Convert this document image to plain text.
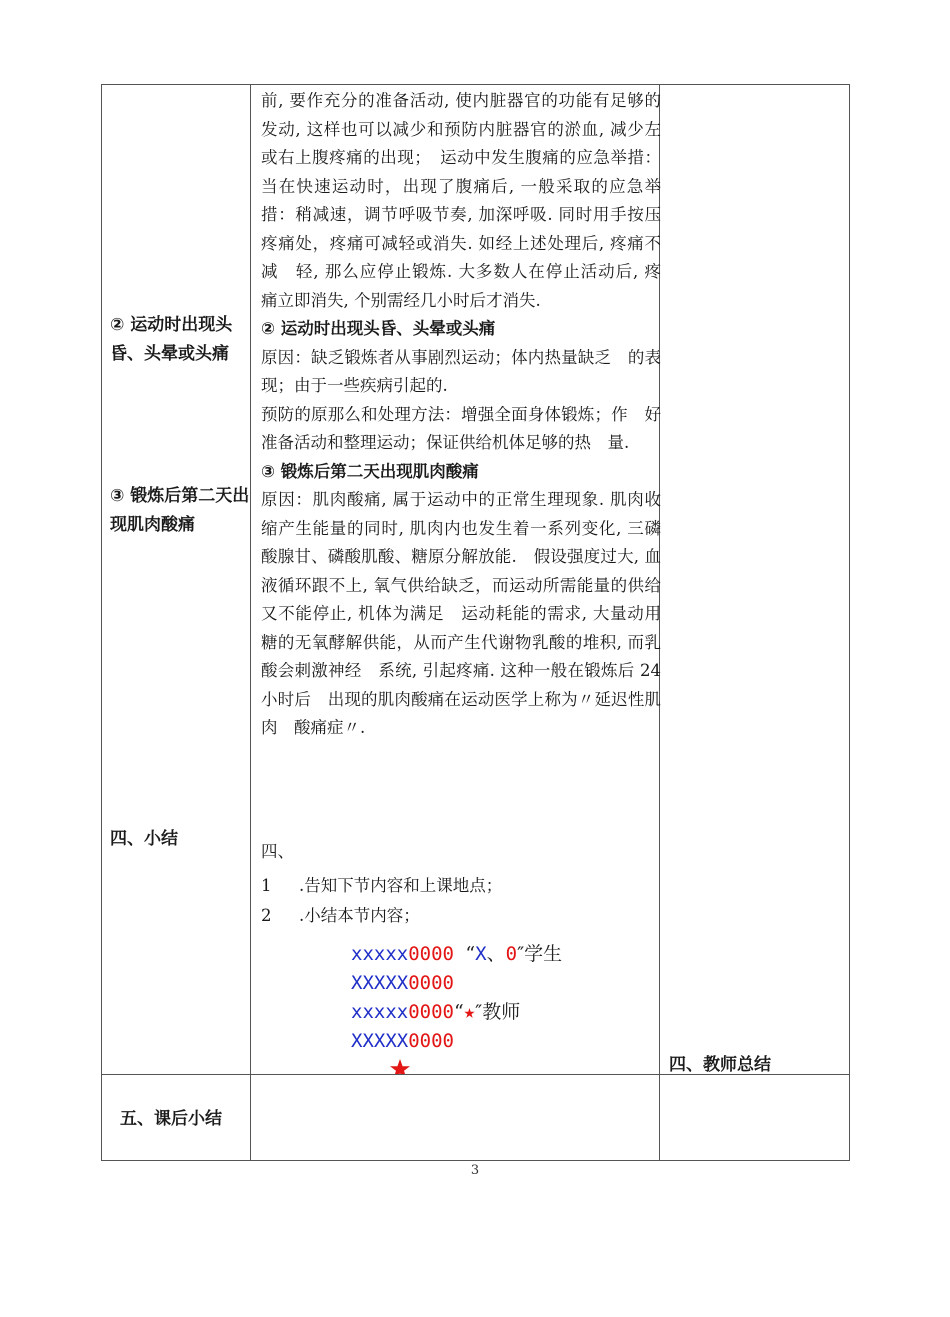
② 运动时出现头昏、头晕或头痛

③ 锻炼后第二天出现肌肉酸痛

四、小结

前, 要作充分的准备活动, 使内脏器官的功能有足够的发动, 这样也可以减少和预防内脏器官的淤血, 减少左或右上腹疼痛的出现；　运动中发生腹痛的应急举措：当在快速运动时，出现了腹痛后, 一般采取的应急举措：稍减速，调节呼吸节奏, 加深呼吸. 同时用手按压疼痛处，疼痛可减轻或消失. 如经上述处理后, 疼痛不减　轻, 那么应停止锻炼. 大多数人在停止活动后, 疼　痛立即消失, 个别需经几小时后才消失.

② 运动时出现头昏、头晕或头痛

原因：缺乏锻炼者从事剧烈运动；体内热量缺乏　的表现；由于一些疾病引起的.

预防的原那么和处理方法：增强全面身体锻炼；作　好准备活动和整理运动；保证供给机体足够的热　量.

③ 锻炼后第二天出现肌肉酸痛

原因：肌肉酸痛, 属于运动中的正常生理现象. 肌肉收缩产生能量的同时, 肌肉内也发生着一系列变化, 三磷酸腺甘、磷酸肌酸、糖原分解放能.　假设强度过大, 血液循环跟不上, 氧气供给缺乏，而运动所需能量的供给又不能停止, 机体为满足　运动耗能的需求, 大量动用糖的无氧酵解供能，从而产生代谢物乳酸的堆积, 而乳酸会刺激神经　系统, 引起疼痛. 这种一般在锻炼后 24 小时后　出现的肌肉酸痛在运动医学上称为〃延迟性肌肉　酸痛症〃.

四、
1 .告知下节内容和上课地点；
2 .小结本节内容；
xxxxx0000 “X、0″学生
XXXXX0000
xxxxx0000“★″教师
XXXXX0000
四、教师总结
五、课后小结
3
